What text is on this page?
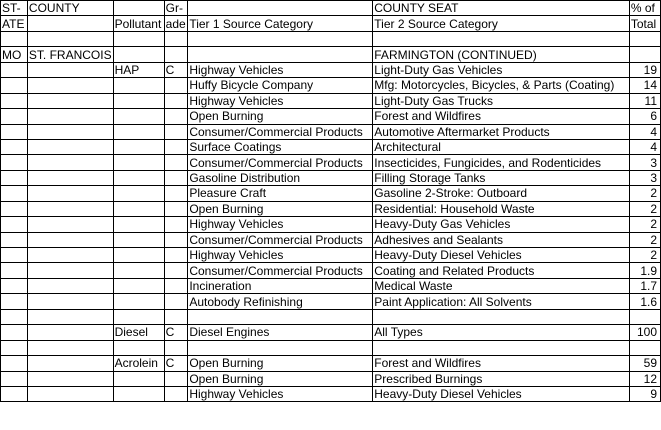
ST-	COUNTY		Gr-		COUNTY SEAT	% of
ATE		Pollutant	ade	Tier 1 Source Category	Tier 2 Source Category	Total

MO	ST. FRANCOIS				FARMINGTON (CONTINUED)	
		HAP	C	Highway Vehicles	Light-Duty Gas Vehicles	19
				Huffy Bicycle Company	Mfg: Motorcycles, Bicycles, & Parts (Coating)	14
				Highway Vehicles	Light-Duty Gas Trucks	11
				Open Burning	Forest and Wildfires	6
				Consumer/Commercial Products	Automotive Aftermarket Products	4
				Surface Coatings	Architectural	4
				Consumer/Commercial Products	Insecticides, Fungicides, and Rodenticides	3
				Gasoline Distribution	Filling Storage Tanks	3
				Pleasure Craft	Gasoline 2-Stroke: Outboard	2
				Open Burning	Residential: Household Waste	2
				Highway Vehicles	Heavy-Duty Gas Vehicles	2
				Consumer/Commercial Products	Adhesives and Sealants	2
				Highway Vehicles	Heavy-Duty Diesel Vehicles	2
				Consumer/Commercial Products	Coating and Related Products	1.9
				Incineration	Medical Waste	1.7
				Autobody Refinishing	Paint Application: All Solvents	1.6

		Diesel	C	Diesel Engines	All Types	100

		Acrolein	C	Open Burning	Forest and Wildfires	59
				Open Burning	Prescribed Burnings	12
				Highway Vehicles	Heavy-Duty Diesel Vehicles	9
